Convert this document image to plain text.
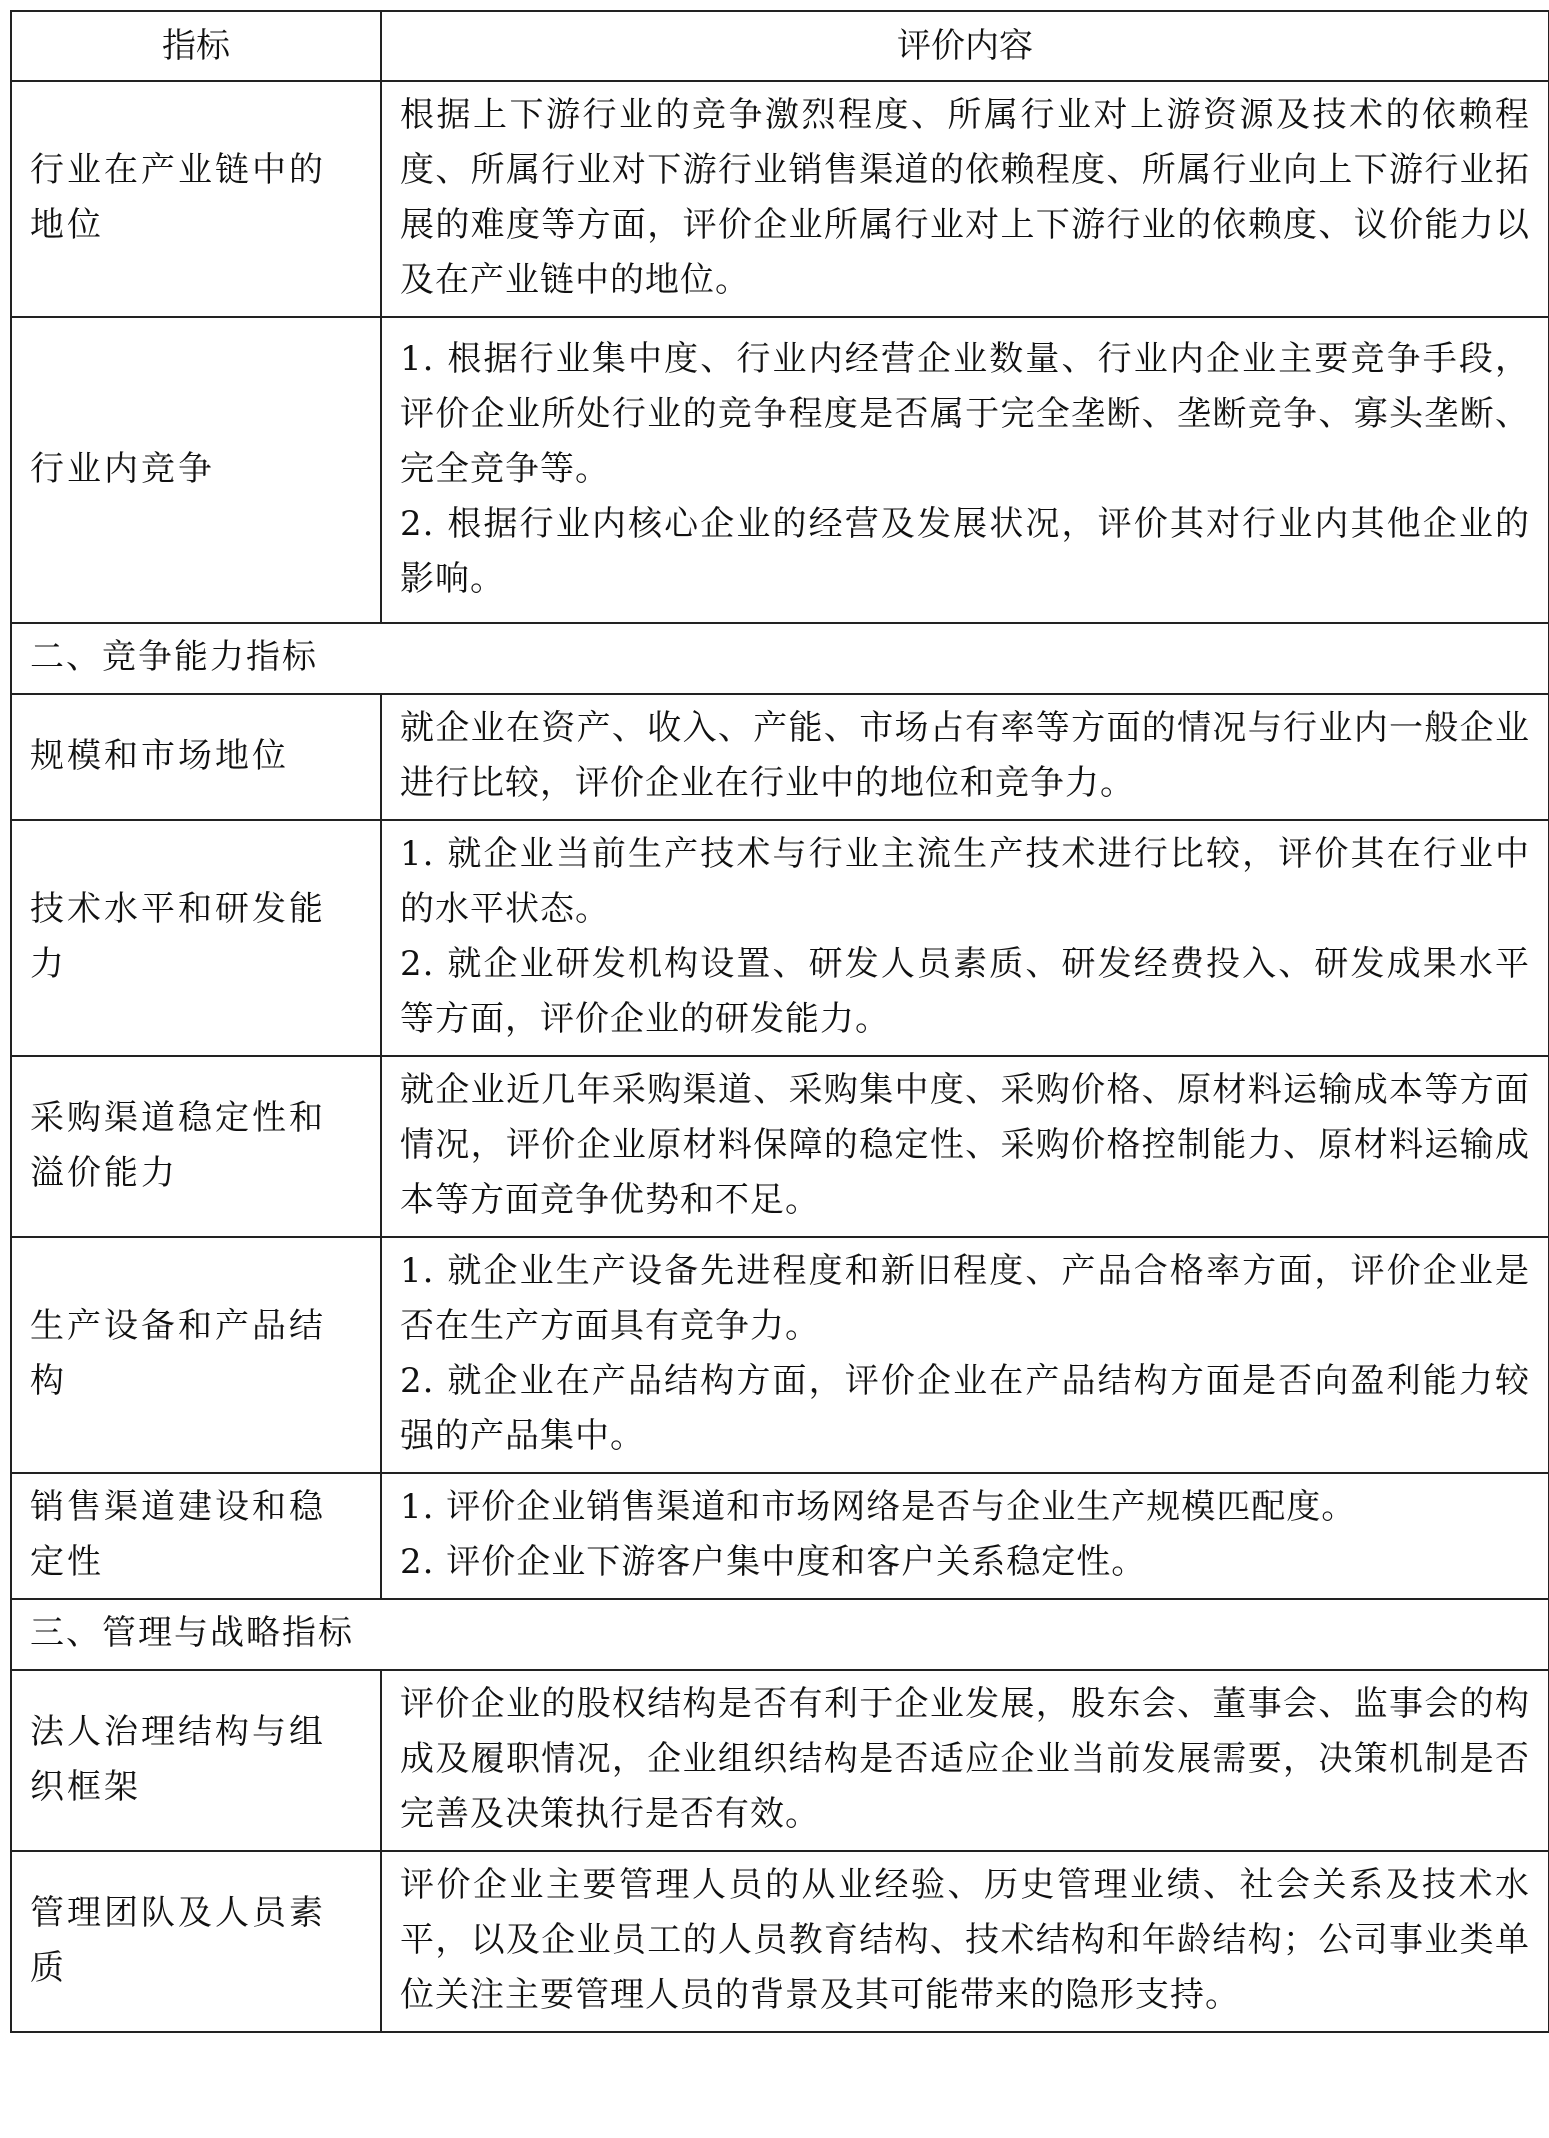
指标	评价内容
行业在产业链中的地位	根据上下游行业的竞争激烈程度、所属行业对上游资源及技术的依赖程度、所属行业对下游行业销售渠道的依赖程度、所属行业向上下游行业拓展的难度等方面，评价企业所属行业对上下游行业的依赖度、议价能力以及在产业链中的地位。

行业内竞争	1. 根据行业集中度、行业内经营企业数量、行业内企业主要竞争手段，评价企业所处行业的竞争程度是否属于完全垄断、垄断竞争、寡头垄断、完全竞争等。
2. 根据行业内核心企业的经营及发展状况，评价其对行业内其他企业的影响。

二、竞争能力指标	
规模和市场地位	就企业在资产、收入、产能、市场占有率等方面的情况与行业内一般企业进行比较，评价企业在行业中的地位和竞争力。

技术水平和研发能力	1. 就企业当前生产技术与行业主流生产技术进行比较，评价其在行业中的水平状态。
2. 就企业研发机构设置、研发人员素质、研发经费投入、研发成果水平等方面，评价企业的研发能力。

采购渠道稳定性和溢价能力	就企业近几年采购渠道、采购集中度、采购价格、原材料运输成本等方面情况，评价企业原材料保障的稳定性、采购价格控制能力、原材料运输成本等方面竞争优势和不足。

生产设备和产品结构	1. 就企业生产设备先进程度和新旧程度、产品合格率方面，评价企业是否在生产方面具有竞争力。
2. 就企业在产品结构方面，评价企业在产品结构方面是否向盈利能力较强的产品集中。

销售渠道建设和稳定性	1. 评价企业销售渠道和市场网络是否与企业生产规模匹配度。
2. 评价企业下游客户集中度和客户关系稳定性。

三、管理与战略指标	
法人治理结构与组织框架	评价企业的股权结构是否有利于企业发展，股东会、董事会、监事会的构成及履职情况，企业组织结构是否适应企业当前发展需要，决策机制是否完善及决策执行是否有效。

管理团队及人员素质	评价企业主要管理人员的从业经验、历史管理业绩、社会关系及技术水平，以及企业员工的人员教育结构、技术结构和年龄结构；公司事业类单位关注主要管理人员的背景及其可能带来的隐形支持。
